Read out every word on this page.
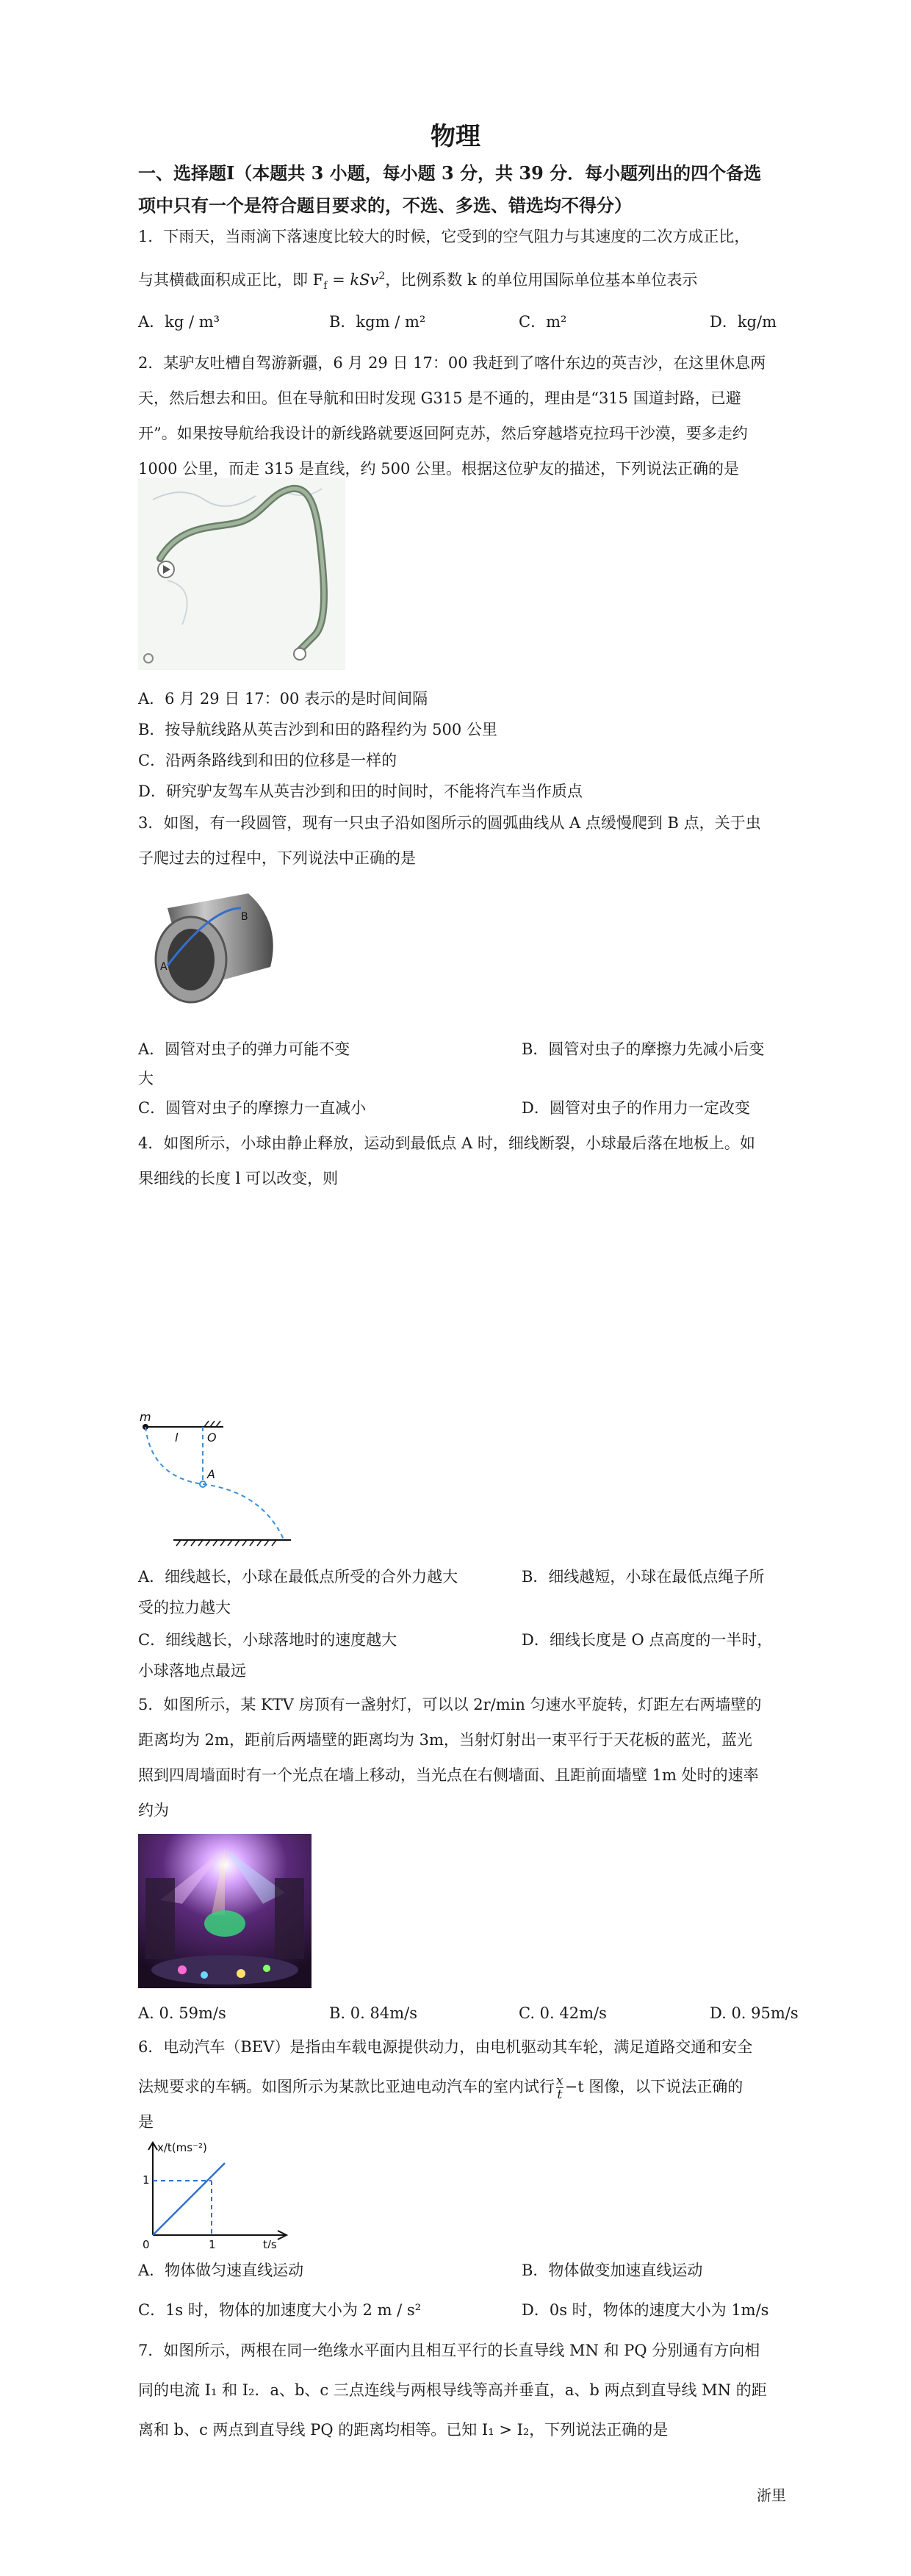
物理
一、选择题Ⅰ（本题共 3 小题，每小题 3 分，共 39 分．每小题列出的四个备选
项中只有一个是符合题目要求的，不选、多选、错选均不得分）
1．下雨天，当雨滴下落速度比较大的时候，它受到的空气阻力与其速度的二次方成正比，
与其横截面积成正比，即 $F_f = kSv^2$，比例系数 k 的单位用国际单位基本单位表示
A．kg / m³	B．kgm / m²	C．m²	D．kg/m
2．某驴友吐槽自驾游新疆，6 月 29 日 17：00 我赶到了喀什东边的英吉沙，在这里休息两
天，然后想去和田。但在导航和田时发现 G315 是不通的，理由是“315 国道封路，已避
开”。如果按导航给我设计的新线路就要返回阿克苏，然后穿越塔克拉玛干沙漠，要多走约
1000 公里，而走 315 是直线，约 500 公里。根据这位驴友的描述，下列说法正确的是
A．6 月 29 日 17：00 表示的是时间间隔
B．按导航线路从英吉沙到和田的路程约为 500 公里
C．沿两条路线到和田的位移是一样的
D．研究驴友驾车从英吉沙到和田的时间时，不能将汽车当作质点
3．如图，有一段圆管，现有一只虫子沿如图所示的圆弧曲线从 A 点缓慢爬到 B 点，关于虫
子爬过去的过程中，下列说法中正确的是
A
B
A．圆管对虫子的弹力可能不变	B．圆管对虫子的摩擦力先减小后变
大
C．圆管对虫子的摩擦力一直减小	D．圆管对虫子的作用力一定改变
4．如图所示，小球由静止释放，运动到最低点 A 时，细线断裂，小球最后落在地板上。如
果细线的长度 l 可以改变，则
m
O
l
A
A．细线越长，小球在最低点所受的合外力越大	B．细线越短，小球在最低点绳子所
受的拉力越大
C．细线越长，小球落地时的速度越大	D．细线长度是 O 点高度的一半时，
小球落地点最远
5．如图所示，某 KTV 房顶有一盏射灯，可以以 2r/min 匀速水平旋转，灯距左右两墙壁的
距离均为 2m，距前后两墙壁的距离均为 3m，当射灯射出一束平行于天花板的蓝光，蓝光
照到四周墙面时有一个光点在墙上移动，当光点在右侧墙面、且距前面墙壁 1m 处时的速率
约为
A. 0. 59m/s	B. 0. 84m/s	C. 0. 42m/s	D. 0. 95m/s
6．电动汽车（BEV）是指由车载电源提供动力，由电机驱动其车轮，满足道路交通和安全
法规要求的车辆。如图所示为某款比亚迪电动汽车的室内试行 $\frac{x}{t} -t$ 图像，以下说法正确的
是
x/t(ms⁻²)
t/s
0	1
1
A．物体做匀速直线运动	B．物体做变加速直线运动
C．1s 时，物体的加速度大小为 2 m / s²	D．0s 时，物体的速度大小为 1m/s
7．如图所示，两根在同一绝缘水平面内且相互平行的长直导线 MN 和 PQ 分别通有方向相
同的电流 I₁ 和 I₂．a、b、c 三点连线与两根导线等高并垂直，a、b 两点到直导线 MN 的距
离和 b、c 两点到直导线 PQ 的距离均相等。已知 I₁ > I₂，下列说法正确的是
浙里
